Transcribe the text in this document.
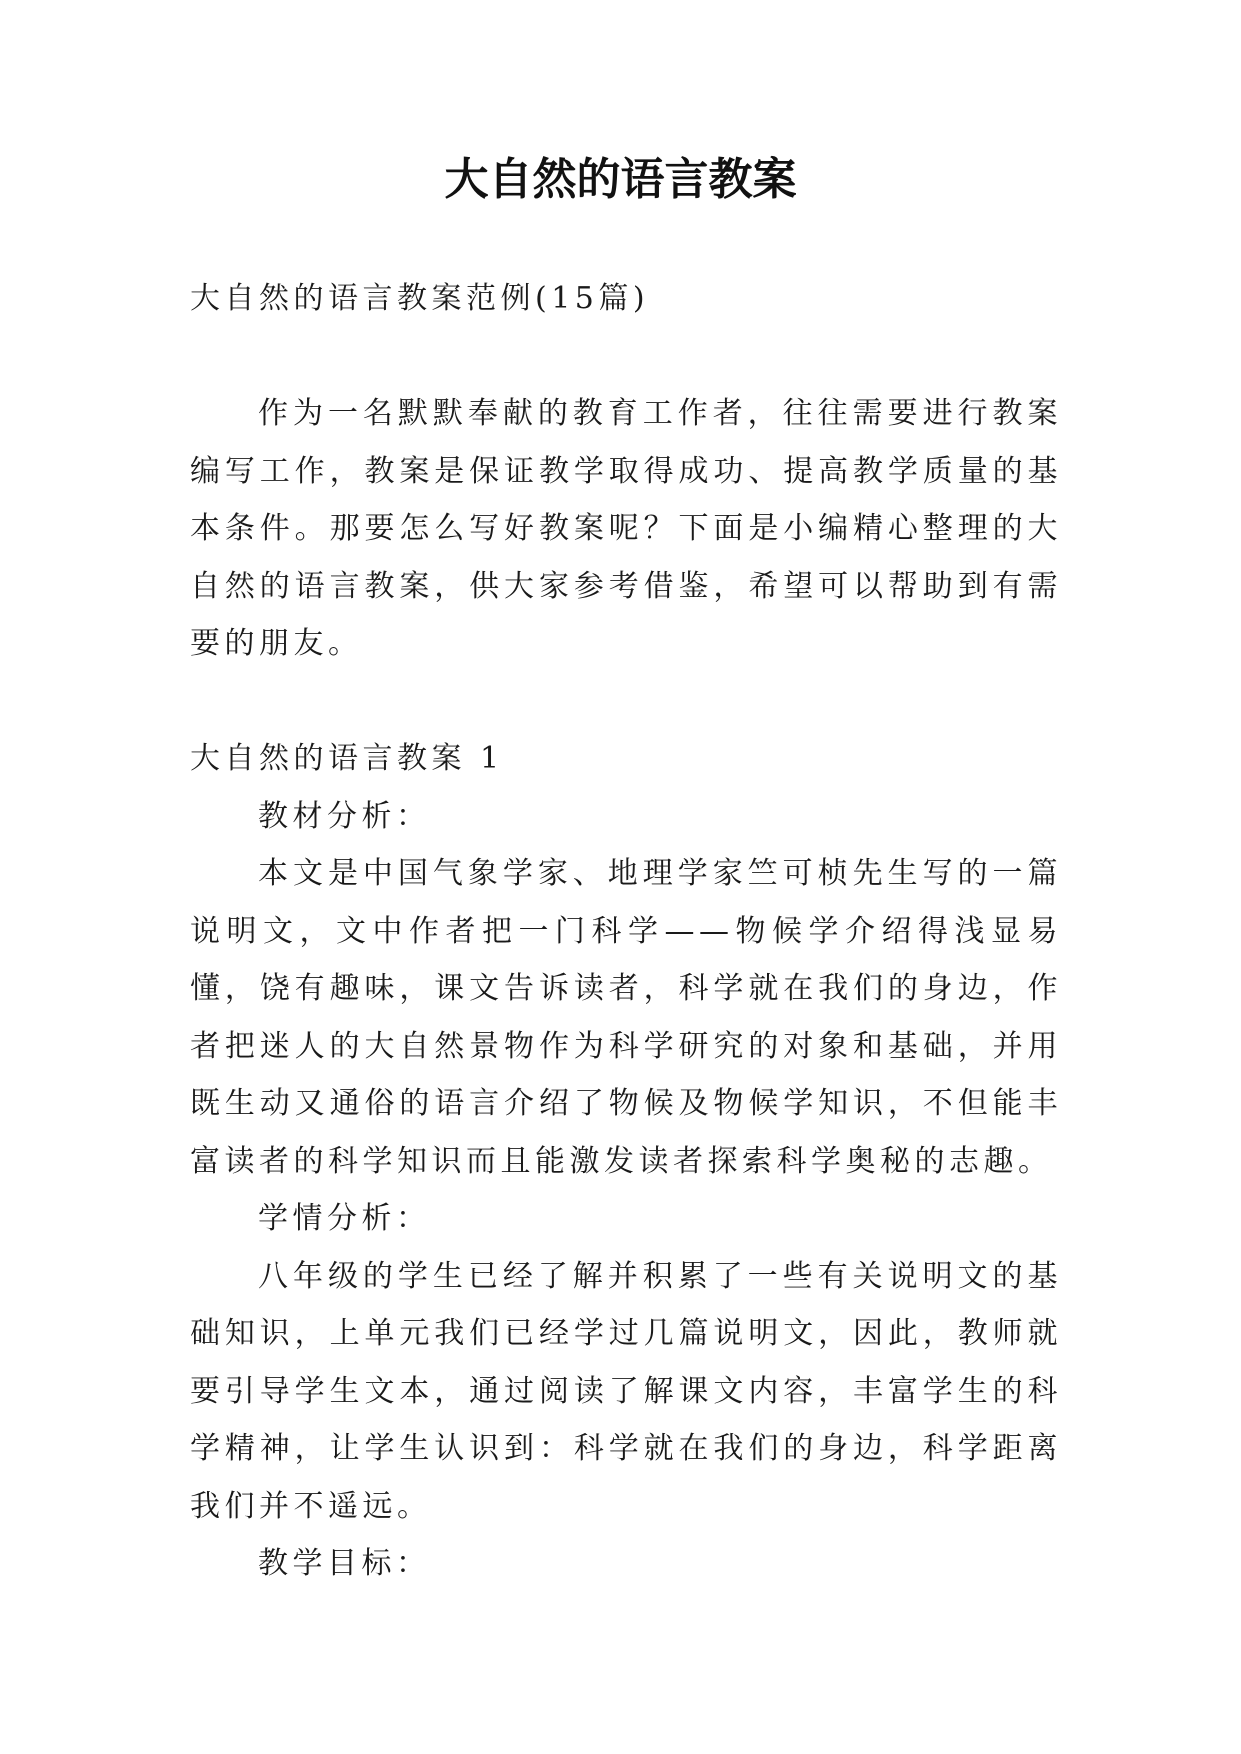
大自然的语言教案

大自然的语言教案范例(15篇)

作为一名默默奉献的教育工作者，往往需要进行教案编写工作，教案是保证教学取得成功、提高教学质量的基本条件。那要怎么写好教案呢？下面是小编精心整理的大自然的语言教案，供大家参考借鉴，希望可以帮助到有需要的朋友。

大自然的语言教案 1

教材分析：

本文是中国气象学家、地理学家竺可桢先生写的一篇说明文，文中作者把一门科学——物候学介绍得浅显易懂，饶有趣味，课文告诉读者，科学就在我们的身边，作者把迷人的大自然景物作为科学研究的对象和基础，并用既生动又通俗的语言介绍了物候及物候学知识，不但能丰富读者的科学知识而且能激发读者探索科学奥秘的志趣。

学情分析：

八年级的学生已经了解并积累了一些有关说明文的基础知识，上单元我们已经学过几篇说明文，因此，教师就要引导学生文本，通过阅读了解课文内容，丰富学生的科学精神，让学生认识到：科学就在我们的身边，科学距离我们并不遥远。

教学目标：
